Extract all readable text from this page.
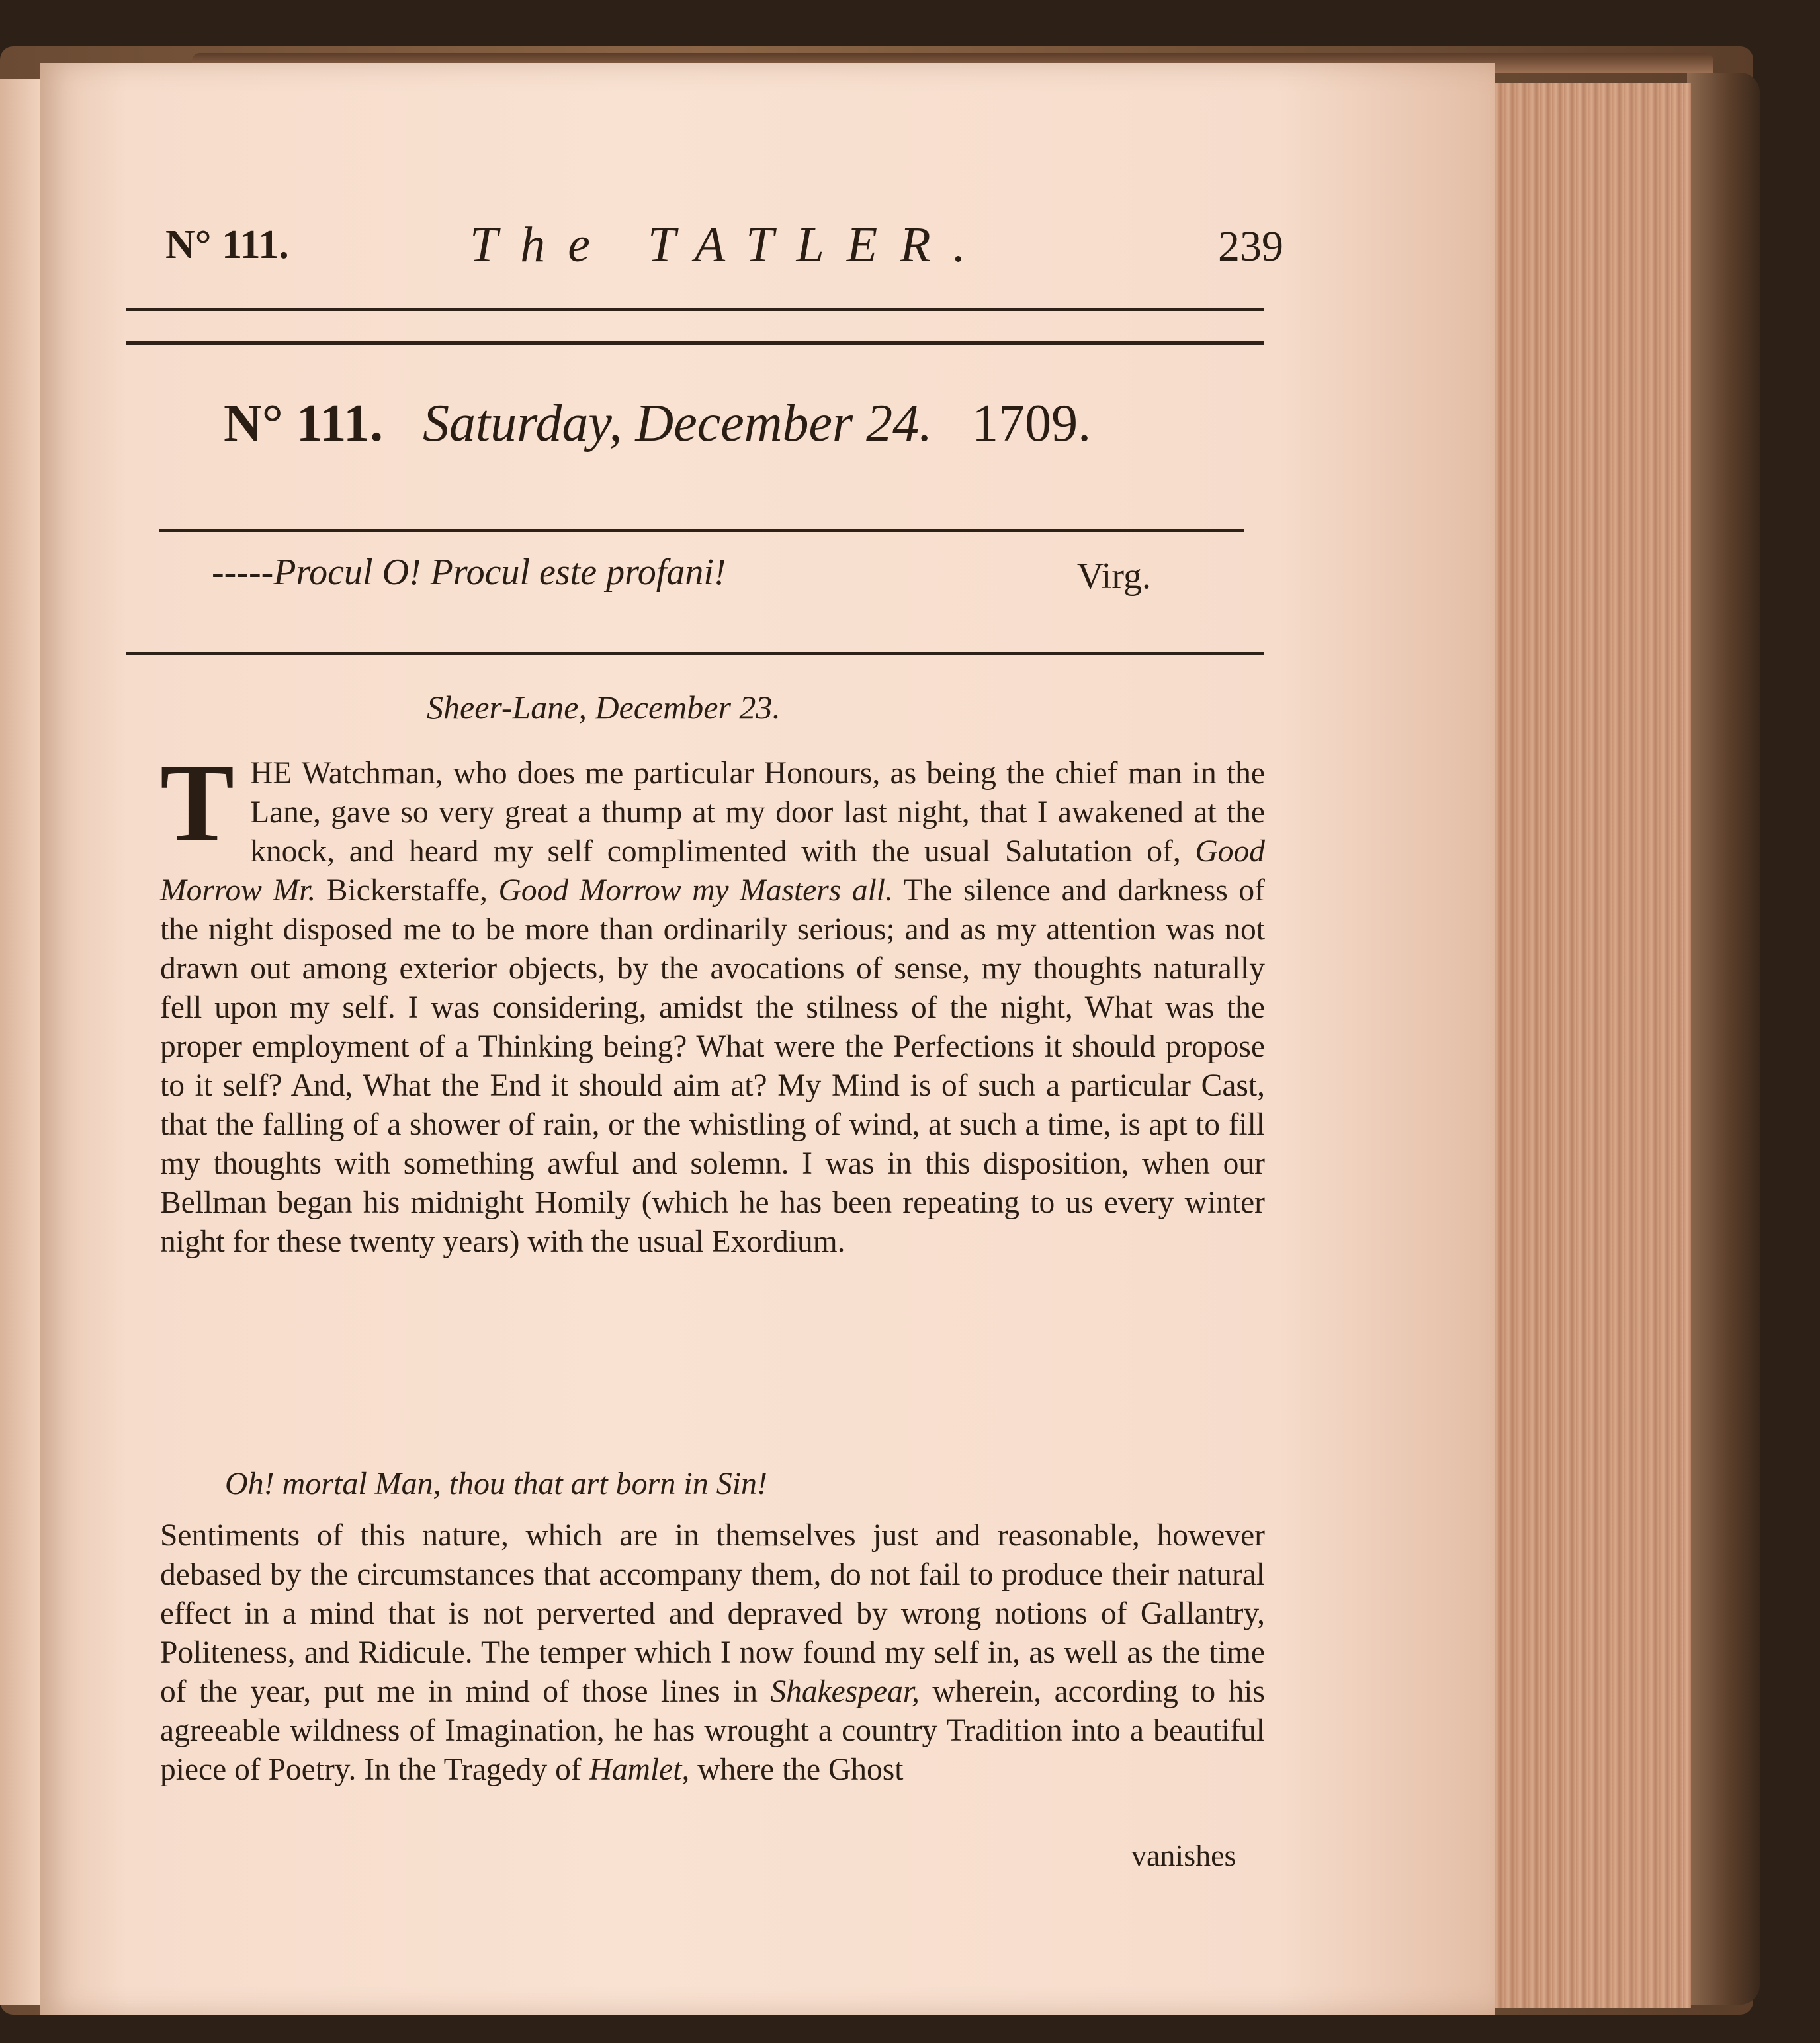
N° 111.	The TATLER.	239
N° 111. Saturday, December 24. 1709.
-----Procul O! Procul este profani!	Virg.
Sheer-Lane, December 23.

THE Watchman, who does me particular Honours, as being the chief man in the Lane, gave so very great a thump at my door last night, that I awakened at the knock, and heard my self complimented with the usual Salutation of, Good Morrow Mr. Bickerstaffe, Good Morrow my Masters all. The silence and darkness of the night disposed me to be more than ordinarily serious; and as my attention was not drawn out among exterior objects, by the avocations of sense, my thoughts naturally fell upon my self. I was considering, amidst the stilness of the night, What was the proper employment of a Thinking being? What were the Perfections it should propose to it self? And, What the End it should aim at? My Mind is of such a particular Cast, that the falling of a shower of rain, or the whistling of wind, at such a time, is apt to fill my thoughts with something awful and solemn. I was in this disposition, when our Bellman began his midnight Homily (which he has been repeating to us every winter night for these twenty years) with the usual Exordium.

Oh! mortal Man, thou that art born in Sin!

Sentiments of this nature, which are in themselves just and reasonable, however debased by the circumstances that accompany them, do not fail to produce their natural effect in a mind that is not perverted and depraved by wrong notions of Gallantry, Politeness, and Ridicule. The temper which I now found my self in, as well as the time of the year, put me in mind of those lines in Shakespear, wherein, according to his agreeable wildness of Imagination, he has wrought a country Tradition into a beautiful piece of Poetry. In the Tragedy of Hamlet, where the Ghost

vanishes
